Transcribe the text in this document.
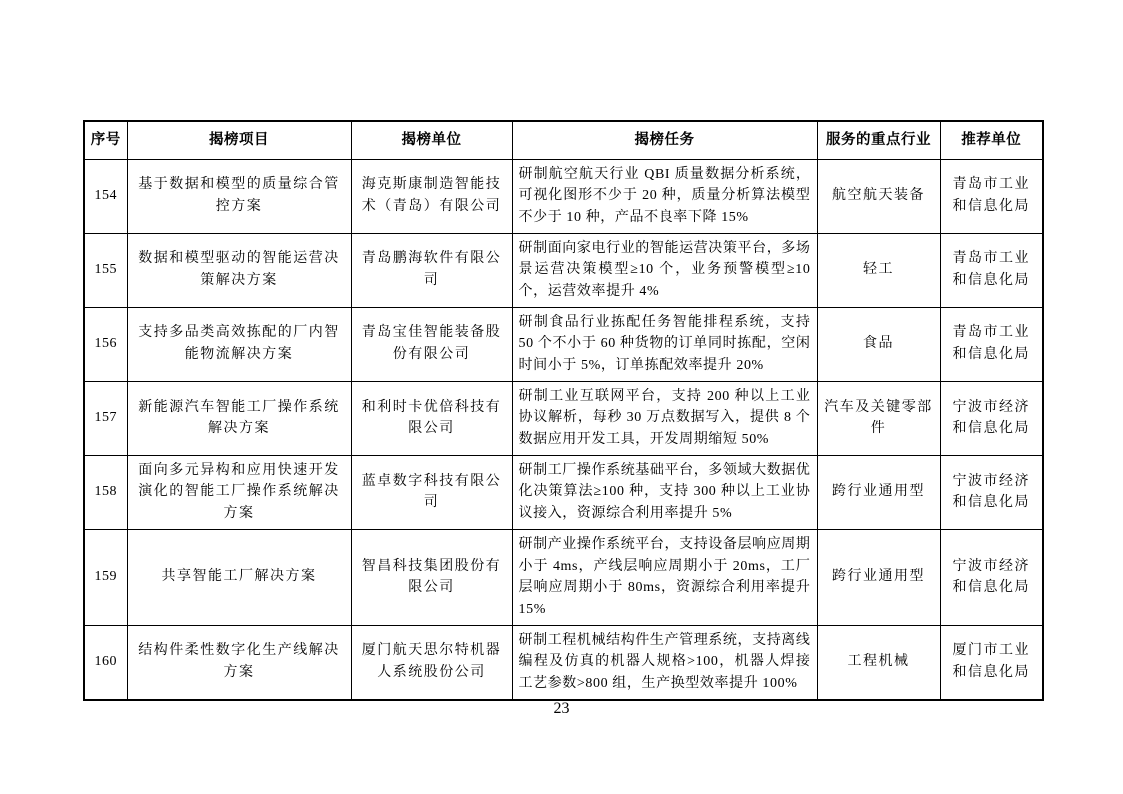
序号	揭榜项目	揭榜单位	揭榜任务	服务的重点行业	推荐单位
154	基于数据和模型的质量综合管控方案	海克斯康制造智能技术（青岛）有限公司	研制航空航天行业 QBI 质量数据分析系统，可视化图形不少于 20 种，质量分析算法模型不少于 10 种，产品不良率下降 15%	航空航天装备	青岛市工业和信息化局
155	数据和模型驱动的智能运营决策解决方案	青岛鹏海软件有限公司	研制面向家电行业的智能运营决策平台，多场景运营决策模型≥10 个，业务预警模型≥10 个，运营效率提升 4%	轻工	青岛市工业和信息化局
156	支持多品类高效拣配的厂内智能物流解决方案	青岛宝佳智能装备股份有限公司	研制食品行业拣配任务智能排程系统，支持 50 个不小于 60 种货物的订单同时拣配，空闲时间小于 5%，订单拣配效率提升 20%	食品	青岛市工业和信息化局
157	新能源汽车智能工厂操作系统解决方案	和利时卡优倍科技有限公司	研制工业互联网平台，支持 200 种以上工业协议解析，每秒 30 万点数据写入，提供 8 个数据应用开发工具，开发周期缩短 50%	汽车及关键零部件	宁波市经济和信息化局
158	面向多元异构和应用快速开发演化的智能工厂操作系统解决方案	蓝卓数字科技有限公司	研制工厂操作系统基础平台，多领域大数据优化决策算法≥100 种，支持 300 种以上工业协议接入，资源综合利用率提升 5%	跨行业通用型	宁波市经济和信息化局
159	共享智能工厂解决方案	智昌科技集团股份有限公司	研制产业操作系统平台，支持设备层响应周期小于 4ms，产线层响应周期小于 20ms，工厂层响应周期小于 80ms，资源综合利用率提升 15%	跨行业通用型	宁波市经济和信息化局
160	结构件柔性数字化生产线解决方案	厦门航天思尔特机器人系统股份公司	研制工程机械结构件生产管理系统，支持离线编程及仿真的机器人规格>100，机器人焊接工艺参数>800 组，生产换型效率提升 100%	工程机械	厦门市工业和信息化局
23
